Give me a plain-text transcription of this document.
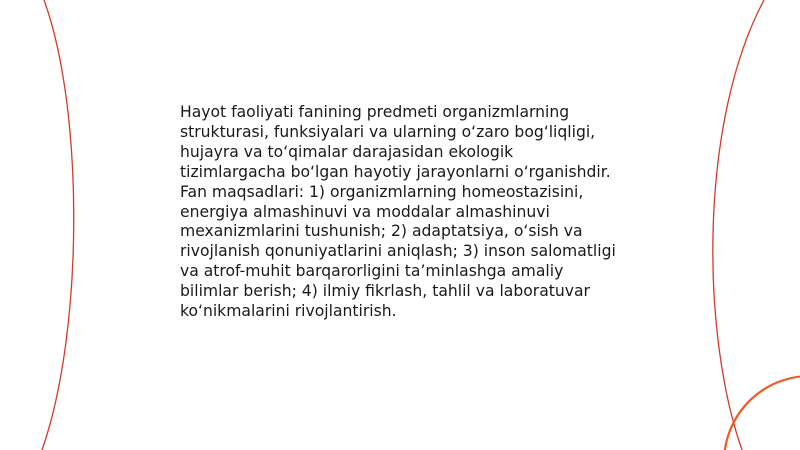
Hayot faoliyati fanining predmeti organizmlarning strukturasi, funksiyalari va ularning o‘zaro bog‘liqligi, hujayra va to‘qimalar darajasidan ekologik tizimlargacha bo‘lgan hayotiy jarayonlarni o‘rganishdir. Fan maqsadlari: 1) organizmlarning homeostazisini, energiya almashinuvi va moddalar almashinuvi mexanizmlarini tushunish; 2) adaptatsiya, o‘sish va rivojlanish qonuniyatlarini aniqlash; 3) inson salomatligi va atrof-muhit barqarorligini ta’minlashga amaliy bilimlar berish; 4) ilmiy fikrlash, tahlil va laboratuvar ko‘nikmalarini rivojlantirish.
